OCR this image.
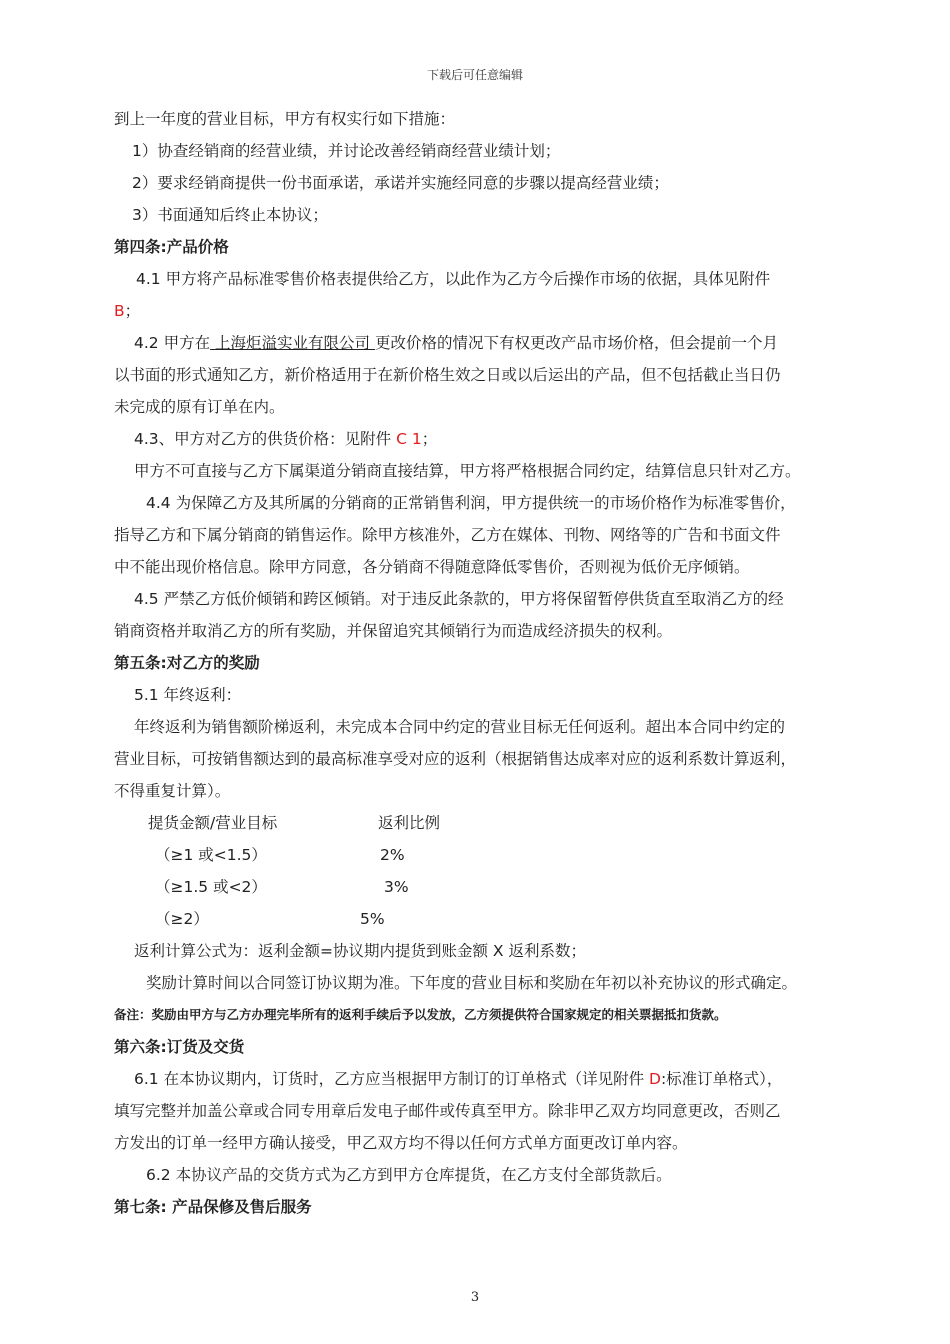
下载后可任意编辑
到上一年度的营业目标，甲方有权实行如下措施：
1）协查经销商的经营业绩，并讨论改善经销商经营业绩计划；
2）要求经销商提供一份书面承诺，承诺并实施经同意的步骤以提高经营业绩；
3）书面通知后终止本协议；
第四条:产品价格
4.1 甲方将产品标准零售价格表提供给乙方，以此作为乙方今后操作市场的依据，具体见附件
B；
4.2 甲方在 上海炬溢实业有限公司 更改价格的情况下有权更改产品市场价格，但会提前一个月
以书面的形式通知乙方，新价格适用于在新价格生效之日或以后运出的产品，但不包括截止当日仍
未完成的原有订单在内。
4.3、甲方对乙方的供货价格：见附件 C 1；
甲方不可直接与乙方下属渠道分销商直接结算，甲方将严格根据合同约定，结算信息只针对乙方。
4.4 为保障乙方及其所属的分销商的正常销售利润，甲方提供统一的市场价格作为标准零售价，
指导乙方和下属分销商的销售运作。除甲方核准外，乙方在媒体、刊物、网络等的广告和书面文件
中不能出现价格信息。除甲方同意，各分销商不得随意降低零售价，否则视为低价无序倾销。
4.5 严禁乙方低价倾销和跨区倾销。对于违反此条款的，甲方将保留暂停供货直至取消乙方的经
销商资格并取消乙方的所有奖励，并保留追究其倾销行为而造成经济损失的权利。
第五条:对乙方的奖励
5.1 年终返利：
年终返利为销售额阶梯返利，未完成本合同中约定的营业目标无任何返利。超出本合同中约定的
营业目标，可按销售额达到的最高标准享受对应的返利（根据销售达成率对应的返利系数计算返利，
不得重复计算）。
提货金额/营业目标	返利比例
（≥1 或<1.5）	2%
（≥1.5 或<2）	3%
（≥2）	5%
返利计算公式为：返利金额=协议期内提货到账金额 X 返利系数；
奖励计算时间以合同签订协议期为准。下年度的营业目标和奖励在年初以补充协议的形式确定。
备注：奖励由甲方与乙方办理完毕所有的返利手续后予以发放，乙方须提供符合国家规定的相关票据抵扣货款。
第六条:订货及交货
6.1 在本协议期内，订货时，乙方应当根据甲方制订的订单格式（详见附件 D:标准订单格式），
填写完整并加盖公章或合同专用章后发电子邮件或传真至甲方。除非甲乙双方均同意更改，否则乙
方发出的订单一经甲方确认接受，甲乙双方均不得以任何方式单方面更改订单内容。
6.2 本协议产品的交货方式为乙方到甲方仓库提货，在乙方支付全部货款后。
第七条: 产品保修及售后服务
3
